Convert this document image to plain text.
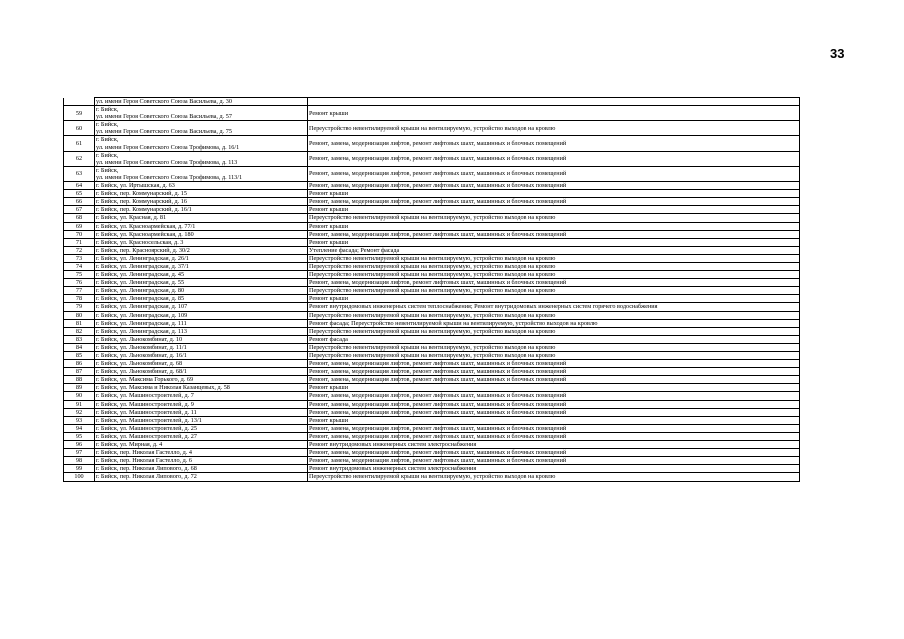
33

	ул. имени Героя Советского Союза Васильева, д. 30	

59	г. Бийск,
ул. имени Героя Советского Союза Васильева, д. 57	Ремонт крыши
60	г. Бийск,
ул. имени Героя Советского Союза Васильева, д. 75	Переустройство невентилируемой крыши на вентилируемую, устройство выходов на кровлю
61	г. Бийск,
ул. имени Героя Советского Союза Трофимова, д. 16/1	Ремонт, замена, модернизация лифтов, ремонт лифтовых шахт, машинных и блочных помещений
62	г. Бийск,
ул. имени Героя Советского Союза Трофимова, д. 113	Ремонт, замена, модернизация лифтов, ремонт лифтовых шахт, машинных и блочных помещений
63	г. Бийск,
ул. имени Героя Советского Союза Трофимова, д. 113/1	Ремонт, замена, модернизация лифтов, ремонт лифтовых шахт, машинных и блочных помещений
64	г. Бийск, ул. Иртышская, д. 63	Ремонт, замена, модернизация лифтов, ремонт лифтовых шахт, машинных и блочных помещений
65	г. Бийск, пер. Коммунарский, д. 15	Ремонт крыши
66	г. Бийск, пер. Коммунарский, д. 16	Ремонт, замена, модернизация лифтов, ремонт лифтовых шахт, машинных и блочных помещений
67	г. Бийск, пер. Коммунарский, д. 16/1	Ремонт крыши
68	г. Бийск, ул. Красная, д. 81	Переустройство невентилируемой крыши на вентилируемую, устройство выходов на кровлю
69	г. Бийск, ул. Красноармейская, д. 77/1	Ремонт крыши
70	г. Бийск, ул. Красноармейская, д. 180	Ремонт, замена, модернизация лифтов, ремонт лифтовых шахт, машинных и блочных помещений
71	г. Бийск, ул. Красносельская, д. 3	Ремонт крыши
72	г. Бийск, пер. Красноярский, д. 30/2	Утепление фасада; Ремонт фасада
73	г. Бийск, ул. Ленинградская, д. 26/1	Переустройство невентилируемой крыши на вентилируемую, устройство выходов на кровлю
74	г. Бийск, ул. Ленинградская, д. 37/1	Переустройство невентилируемой крыши на вентилируемую, устройство выходов на кровлю
75	г. Бийск, ул. Ленинградская, д. 45	Переустройство невентилируемой крыши на вентилируемую, устройство выходов на кровлю
76	г. Бийск, ул. Ленинградская, д. 55	Ремонт, замена, модернизация лифтов, ремонт лифтовых шахт, машинных и блочных помещений
77	г. Бийск, ул. Ленинградская, д. 80	Переустройство невентилируемой крыши на вентилируемую, устройство выходов на кровлю
78	г. Бийск, ул. Ленинградская, д. 85	Ремонт крыши
79	г. Бийск, ул. Ленинградская, д. 107	Ремонт внутридомовых инженерных систем теплоснабжения; Ремонт внутридомовых инженерных систем горячего водоснабжения
80	г. Бийск, ул. Ленинградская, д. 109	Переустройство невентилируемой крыши на вентилируемую, устройство выходов на кровлю
81	г. Бийск, ул. Ленинградская, д. 111	Ремонт фасада; Переустройство невентилируемой крыши на вентилируемую, устройство выходов на кровлю
82	г. Бийск, ул. Ленинградская, д. 113	Переустройство невентилируемой крыши на вентилируемую, устройство выходов на кровлю
83	г. Бийск, ул. Льнокомбинат, д. 10	Ремонт фасада
84	г. Бийск, ул. Льнокомбинат, д. 11/1	Переустройство невентилируемой крыши на вентилируемую, устройство выходов на кровлю
85	г. Бийск, ул. Льнокомбинат, д. 16/1	Переустройство невентилируемой крыши на вентилируемую, устройство выходов на кровлю
86	г. Бийск, ул. Льнокомбинат, д. 68	Ремонт, замена, модернизация лифтов, ремонт лифтовых шахт, машинных и блочных помещений
87	г. Бийск, ул. Льнокомбинат, д. 68/1	Ремонт, замена, модернизация лифтов, ремонт лифтовых шахт, машинных и блочных помещений
88	г. Бийск, ул. Максима Горького, д. 69	Ремонт, замена, модернизация лифтов, ремонт лифтовых шахт, машинных и блочных помещений
89	г. Бийск, ул. Максима и Николая Казанцевых, д. 58	Ремонт крыши
90	г. Бийск, ул. Машиностроителей, д. 7	Ремонт, замена, модернизация лифтов, ремонт лифтовых шахт, машинных и блочных помещений
91	г. Бийск, ул. Машиностроителей, д. 9	Ремонт, замена, модернизация лифтов, ремонт лифтовых шахт, машинных и блочных помещений
92	г. Бийск, ул. Машиностроителей, д. 11	Ремонт, замена, модернизация лифтов, ремонт лифтовых шахт, машинных и блочных помещений
93	г. Бийск, ул. Машиностроителей, д. 13/1	Ремонт крыши
94	г. Бийск, ул. Машиностроителей, д. 25	Ремонт, замена, модернизация лифтов, ремонт лифтовых шахт, машинных и блочных помещений
95	г. Бийск, ул. Машиностроителей, д. 27	Ремонт, замена, модернизация лифтов, ремонт лифтовых шахт, машинных и блочных помещений
96	г. Бийск, ул. Мирная, д. 4	Ремонт внутридомовых инженерных систем электроснабжения
97	г. Бийск, пер. Николая Гастелло, д. 4	Ремонт, замена, модернизация лифтов, ремонт лифтовых шахт, машинных и блочных помещений
98	г. Бийск, пер. Николая Гастелло, д. 6	Ремонт, замена, модернизация лифтов, ремонт лифтовых шахт, машинных и блочных помещений
99	г. Бийск, пер. Николая Липового, д. 68	Ремонт внутридомовых инженерных систем электроснабжения
100	г. Бийск, пер. Николая Липового, д. 72	Переустройство невентилируемой крыши на вентилируемую, устройство выходов на кровлю
